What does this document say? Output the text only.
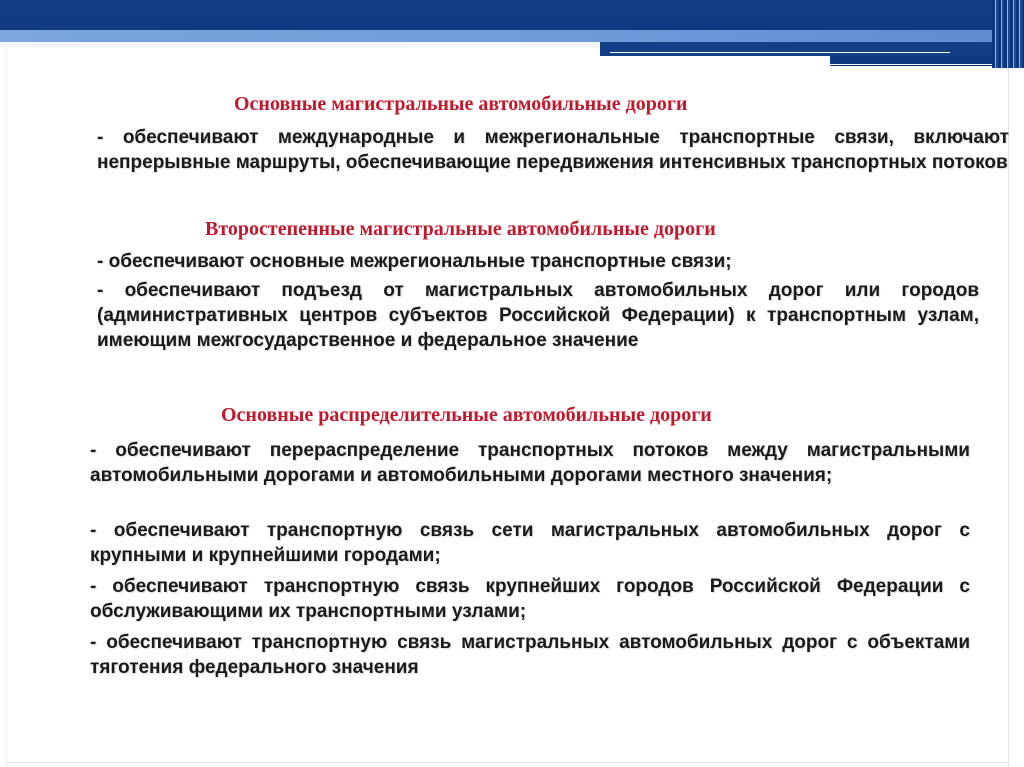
Основные магистральные автомобильные дороги

- обеспечивают международные и межрегиональные транспортные связи, включают непрерывные маршруты, обеспечивающие передвижения интенсивных транспортных потоков

Второстепенные магистральные автомобильные дороги

- обеспечивают основные межрегиональные транспортные связи;

- обеспечивают подъезд от магистральных автомобильных дорог или городов (административных центров субъектов Российской Федерации) к транспортным узлам, имеющим межгосударственное и федеральное значение

Основные распределительные автомобильные дороги

- обеспечивают перераспределение транспортных потоков между магистральными автомобильными дорогами и автомобильными дорогами местного значения;

- обеспечивают транспортную связь сети магистральных автомобильных дорог с крупными и крупнейшими городами;

- обеспечивают транспортную связь крупнейших городов Российской Федерации с обслуживающими их транспортными узлами;

- обеспечивают транспортную связь магистральных автомобильных дорог с объектами тяготения федерального значения
